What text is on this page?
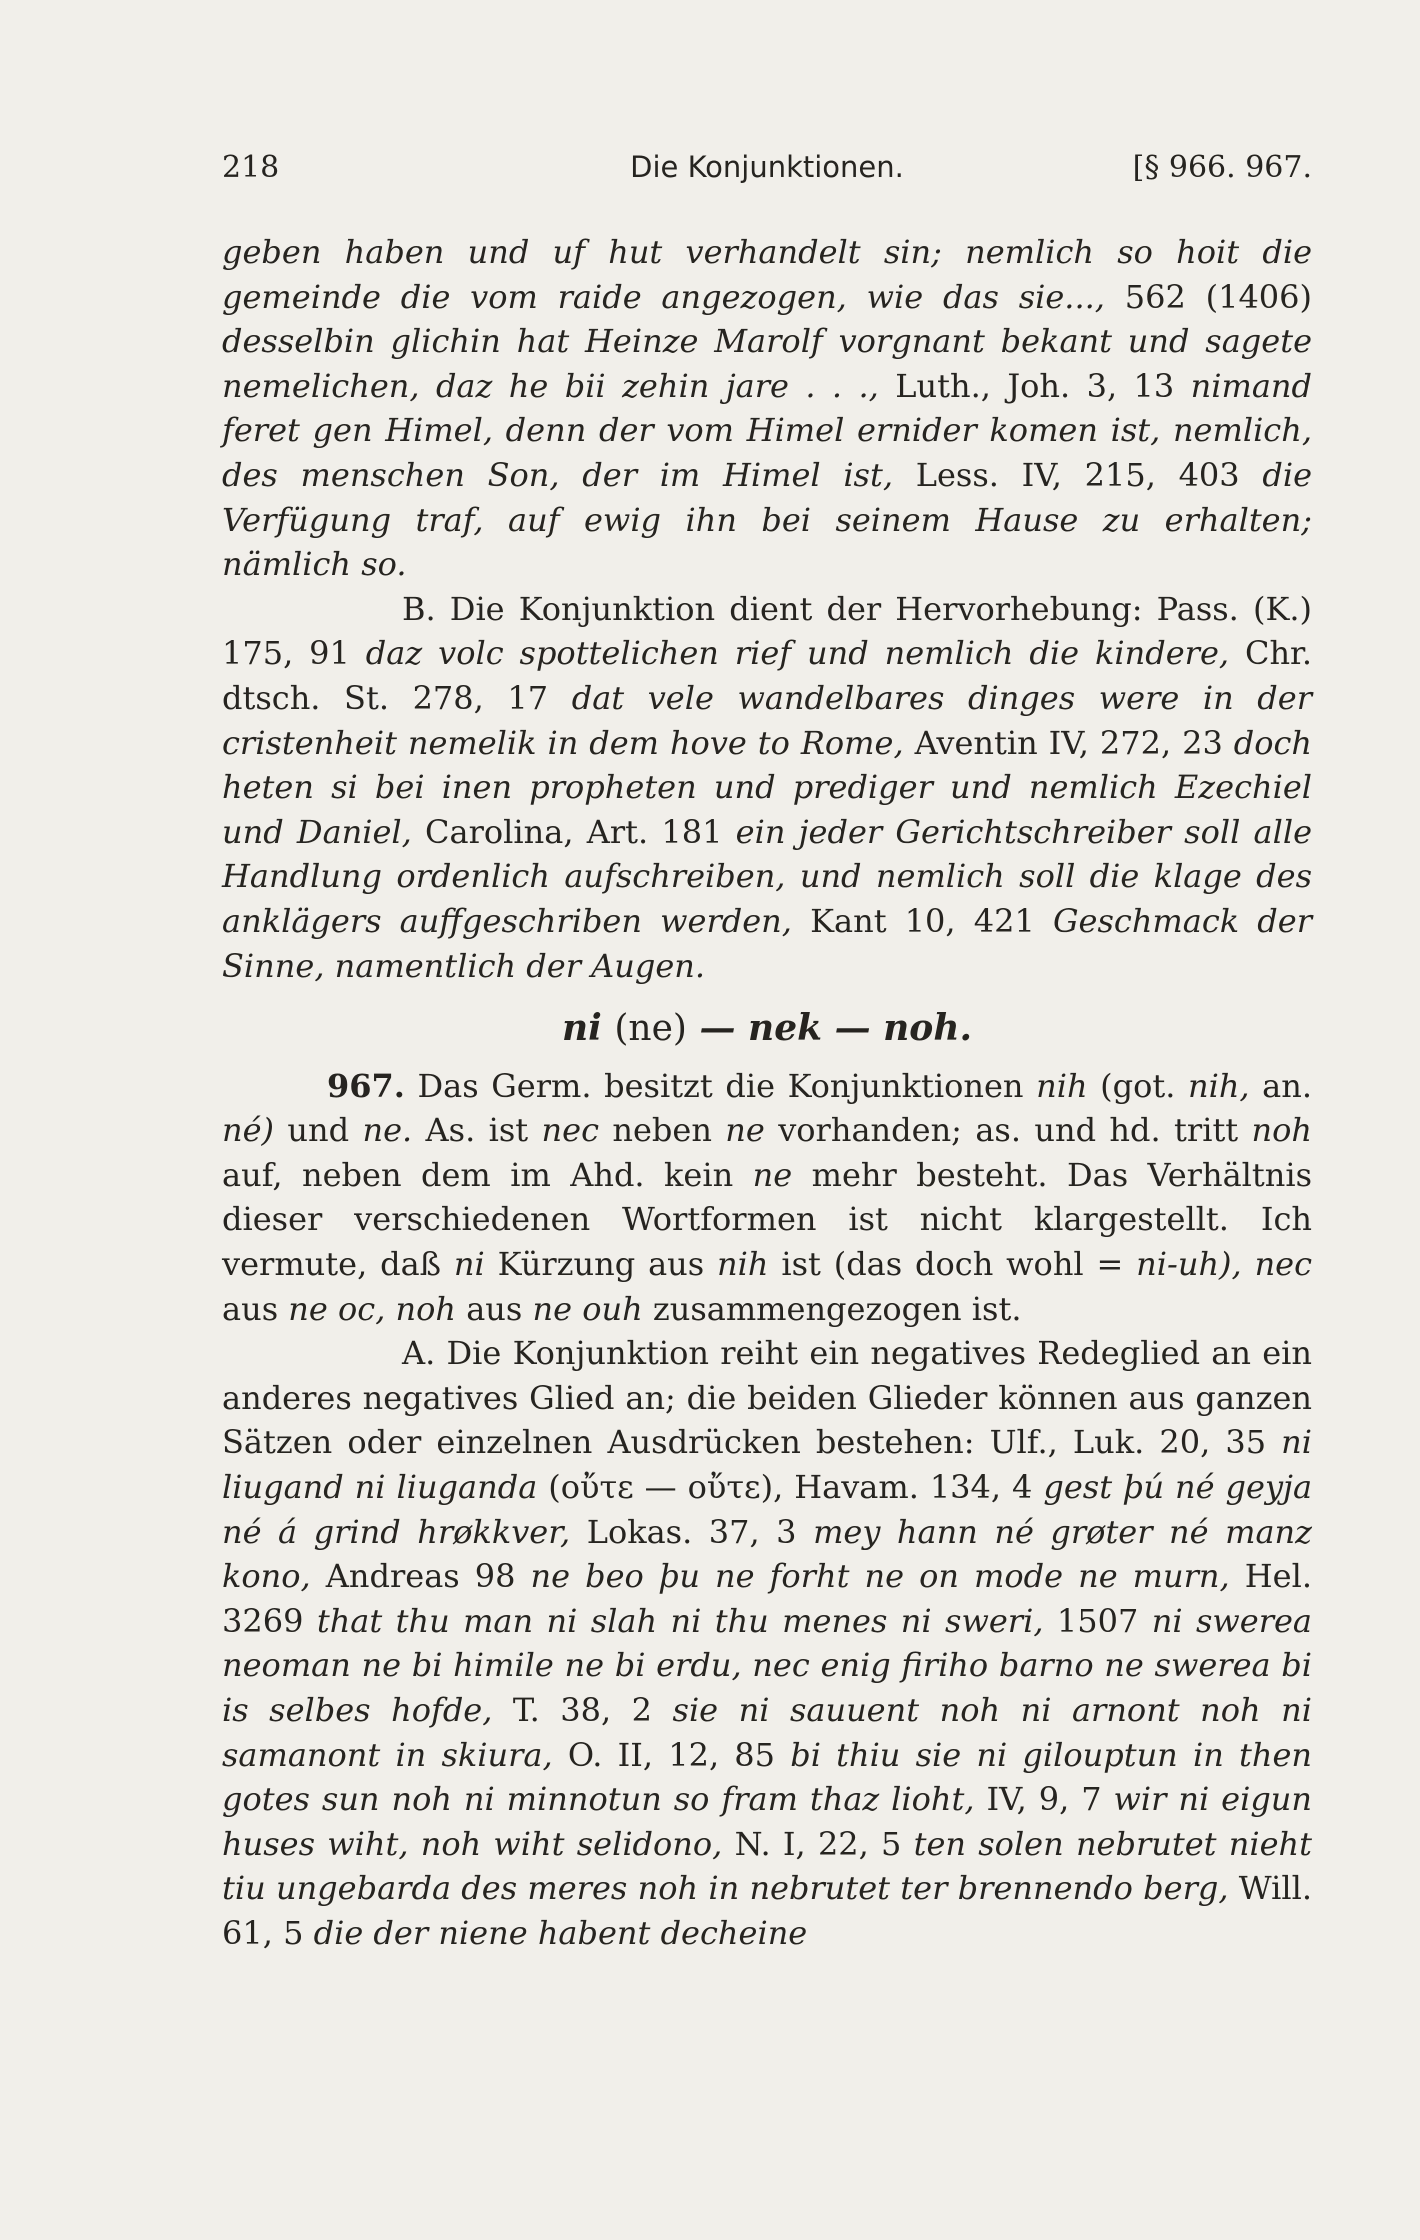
218	Die Konjunktionen.	[§ 966. 967.

geben haben und uf hut verhandelt sin; nemlich so hoit die gemeinde die vom raide angezogen, wie das sie..., 562 (1406) desselbin glichin hat Heinze Marolf vorgnant bekant und sagete nemelichen, daz he bii zehin jare . . ., Luth., Joh. 3, 13 nimand feret gen Himel, denn der vom Himel ernider komen ist, nemlich, des menschen Son, der im Himel ist, Less. IV, 215, 403 die Verfügung traf, auf ewig ihn bei seinem Hause zu erhalten; nämlich so.

B. Die Konjunktion dient der Hervorhebung: Pass. (K.) 175, 91 daz volc spottelichen rief und nemlich die kindere, Chr. dtsch. St. 278, 17 dat vele wandelbares dinges were in der cristenheit nemelik in dem hove to Rome, Aventin IV, 272, 23 doch heten si bei inen propheten und prediger und nemlich Ezechiel und Daniel, Carolina, Art. 181 ein jeder Gerichtschreiber soll alle Handlung ordenlich aufschreiben, und nemlich soll die klage des anklägers auffgeschriben werden, Kant 10, 421 Geschmack der Sinne, namentlich der Augen.

ni (ne) — nek — noh.

967. Das Germ. besitzt die Konjunktionen nih (got. nih, an. né) und ne. As. ist nec neben ne vorhanden; as. und hd. tritt noh auf, neben dem im Ahd. kein ne mehr besteht. Das Verhältnis dieser verschiedenen Wortformen ist nicht klargestellt. Ich vermute, daß ni Kürzung aus nih ist (das doch wohl = ni-uh), nec aus ne oc, noh aus ne ouh zusammengezogen ist.

A. Die Konjunktion reiht ein negatives Redeglied an ein anderes negatives Glied an; die beiden Glieder können aus ganzen Sätzen oder einzelnen Ausdrücken bestehen: Ulf., Luk. 20, 35 ni liugand ni liuganda (οὔτε — οὔτε), Havam. 134, 4 gest þú né geyja né á grind hrøkkver, Lokas. 37, 3 mey hann né grøter né manz kono, Andreas 98 ne beo þu ne forht ne on mode ne murn, Hel. 3269 that thu man ni slah ni thu menes ni sweri, 1507 ni swerea neoman ne bi himile ne bi erdu, nec enig firiho barno ne swerea bi is selbes hofde, T. 38, 2 sie ni sauuent noh ni arnont noh ni samanont in skiura, O. II, 12, 85 bi thiu sie ni gilouptun in then gotes sun noh ni minnotun so fram thaz lioht, IV, 9, 7 wir ni eigun huses wiht, noh wiht selidono, N. I, 22, 5 ten solen nebrutet nieht tiu ungebarda des meres noh in nebrutet ter brennendo berg, Will. 61, 5 die der niene habent decheine
